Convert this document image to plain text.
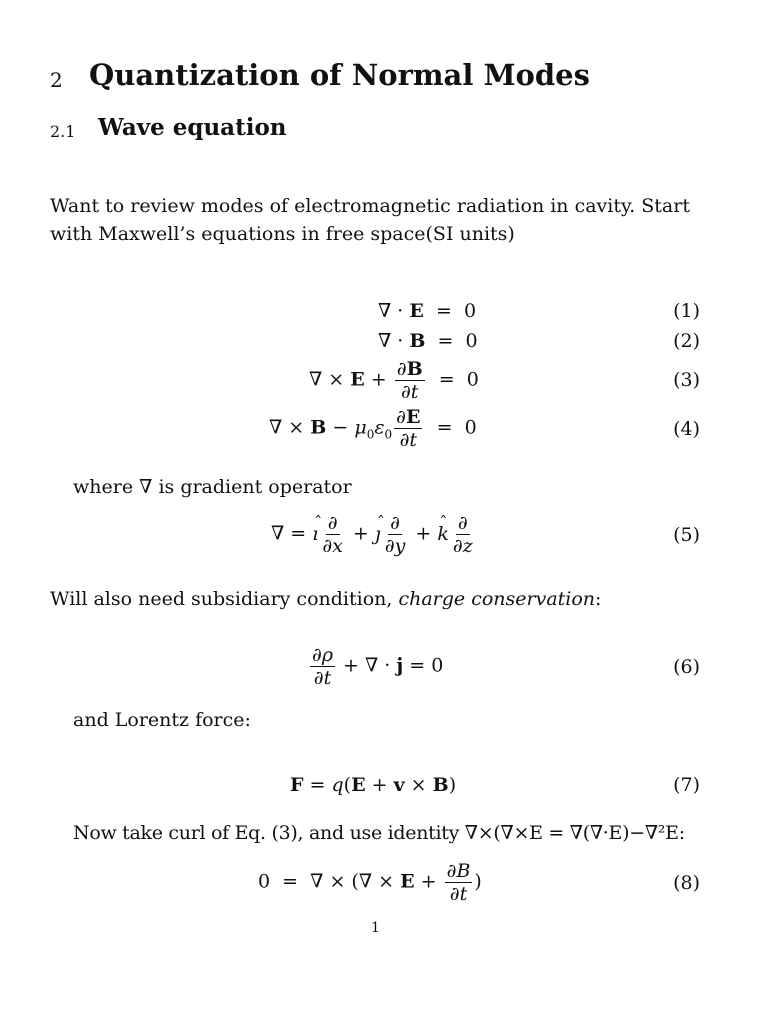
2 Quantization of Normal Modes
2.1 Wave equation
Want to review modes of electromagnetic radiation in cavity. Start with Maxwell’s equations in free space(SI units)
∇ · E  =  0	(1)
∇ · B  =  0	(2)
∇ × $E + \frac{\partial B}{\partial t} = 0$	(3)
∇ × $B - \mu_0\varepsilon_0 \frac{\partial E}{\partial t} = 0$	(4)
where ∇ is gradient operator
∇ = ˆ ı $\frac{\partial}{\partial x}$ + ˆ ȷ $\frac{\partial}{\partial y}$ + ˆ k $\frac{\partial}{\partial z}$	(5)
Will also need subsidiary condition, charge conservation:
$\frac{\partial\rho}{\partial t}$ + ∇ · j = 0	(6)
and Lorentz force:
F = q(E + v × B)	(7)
Now take curl of Eq. (3), and use identity ∇×(∇×E = ∇(∇·E)−∇²E:
0  =  ∇ × (∇ × $E + \frac{\partial B}{\partial t}$ )	(8)
1
